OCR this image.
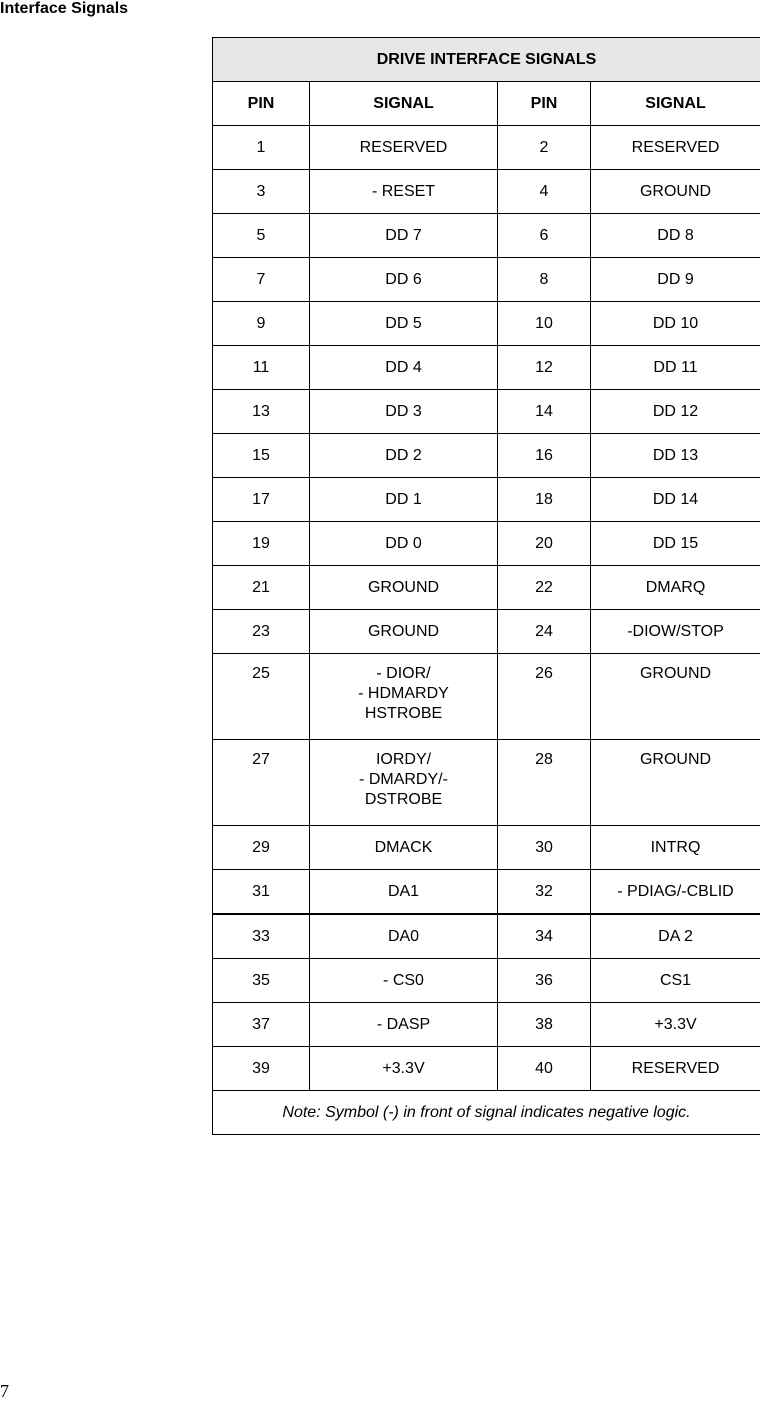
Interface Signals
DRIVE INTERFACE SIGNALS			
PIN	SIGNAL	PIN	SIGNAL
1	RESERVED	2	RESERVED
3	- RESET	4	GROUND
5	DD 7	6	DD 8
7	DD 6	8	DD 9
9	DD 5	10	DD 10
11	DD 4	12	DD 11
13	DD 3	14	DD 12
15	DD 2	16	DD 13
17	DD 1	18	DD 14
19	DD 0	20	DD 15
21	GROUND	22	DMARQ
23	GROUND	24	-DIOW/STOP
25	- DIOR/
- HDMARDY
HSTROBE	26	GROUND
27	IORDY/
- DMARDY/-
DSTROBE	28	GROUND
29	DMACK	30	INTRQ
31	DA1	32	- PDIAG/-CBLID
33	DA0	34	DA 2
35	- CS0	36	CS1
37	- DASP	38	+3.3V
39	+3.3V	40	RESERVED
Note: Symbol (-) in front of signal indicates negative logic.			
7
